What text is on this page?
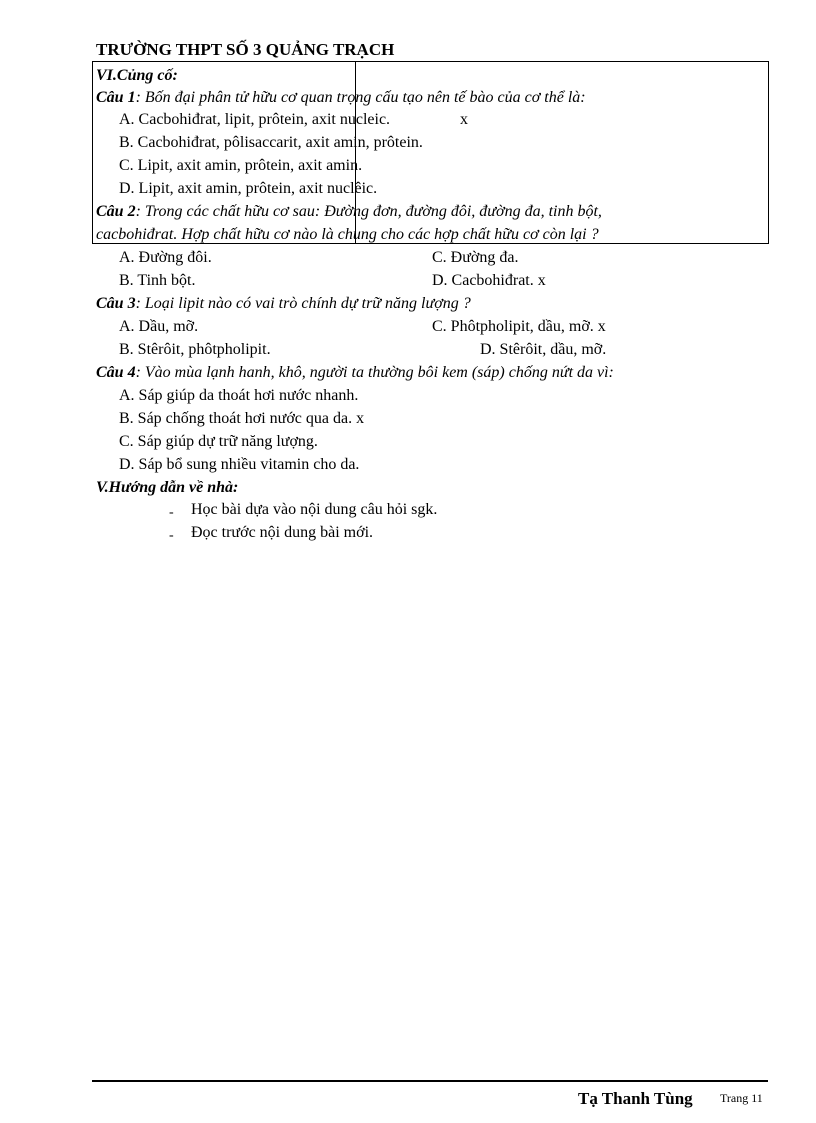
TRƯỜNG THPT SỐ 3 QUẢNG TRẠCH
VI.Củng cố:
Câu 1: Bốn đại phân tử hữu cơ quan trọng cấu tạo nên tế bào của cơ thể là:
A. Cacbohiđrat, lipit, prôtein, axit nucleic.	x
B. Cacbohiđrat, pôlisaccarit, axit amin, prôtein.
C. Lipit, axit amin, prôtein, axit amin.
D. Lipit, axit amin, prôtein, axit nuclêic.
Câu 2: Trong các chất hữu cơ sau: Đường đơn, đường đôi, đường đa, tinh bột,
cacbohiđrat. Hợp chất hữu cơ nào là chung cho các hợp chất hữu cơ còn lại ?
A. Đường đôi.	C. Đường đa.
B. Tinh bột.	D. Cacbohiđrat. x
Câu 3: Loại lipit nào có vai trò chính dự trữ năng lượng ?
A. Dầu, mỡ.	C. Phôtpholipit, dầu, mỡ. x
B. Stêrôit, phôtpholipit.	D. Stêrôit, dầu, mỡ.
Câu 4: Vào mùa lạnh hanh, khô, người ta thường bôi kem (sáp) chống nứt da vì:
A. Sáp giúp da thoát hơi nước nhanh.
B. Sáp chống thoát hơi nước qua da. x
C. Sáp giúp dự trữ năng lượng.
D. Sáp bổ sung nhiều vitamin cho da.
V.Hướng dẫn về nhà:
- Học bài dựa vào nội dung câu hỏi sgk.
- Đọc trước nội dung bài mới.
Tạ Thanh Tùng Trang 11
